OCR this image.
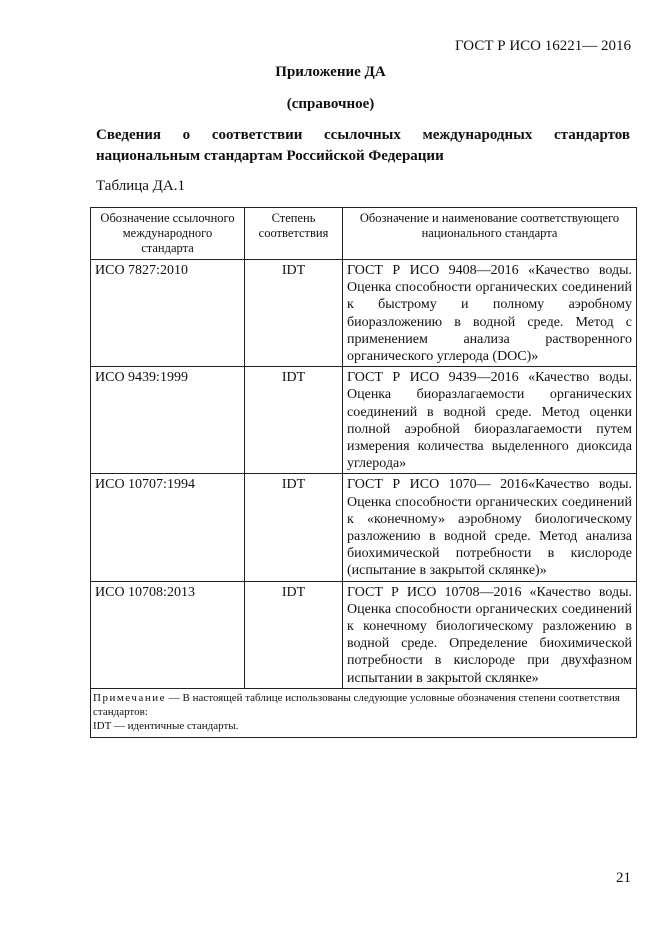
ГОСТ Р ИСО 16221— 2016
Приложение ДА
(справочное)
Сведения о соответствии ссылочных международных стандартов национальным стандартам Российской Федерации
Таблица ДА.1
Обозначение ссылочного международного стандарта	Степень соответствия	Обозначение и наименование соответствующего национального стандарта
ИСО 7827:2010	IDT	ГОСТ Р ИСО 9408—2016 «Качество воды. Оценка способности органических соединений к быстрому и полному аэробному биоразложению в водной среде. Метод с применением анализа растворенного органического углерода (DOC)»
ИСО 9439:1999	IDT	ГОСТ Р ИСО 9439—2016 «Качество воды. Оценка биоразлагаемости органических соединений в водной среде. Метод оценки полной аэробной биоразлагаемости путем измерения количества выделенного диоксида углерода»
ИСО 10707:1994	IDT	ГОСТ Р ИСО 1070— 2016«Качество воды. Оценка способности органических соединений к «конечному» аэробному биологическому разложению в водной среде. Метод анализа биохимической потребности в кислороде (испытание в закрытой склянке)»
ИСО 10708:2013	IDT	ГОСТ Р ИСО 10708—2016 «Качество воды. Оценка способности органических соединений к конечному биологическому разложению в водной среде. Определение биохимической потребности в кислороде при двухфазном испытании в закрытой склянке»
Примечание — В настоящей таблице использованы следующие условные обозначения степени соответствия стандартов:
IDT — идентичные стандарты.		
21
